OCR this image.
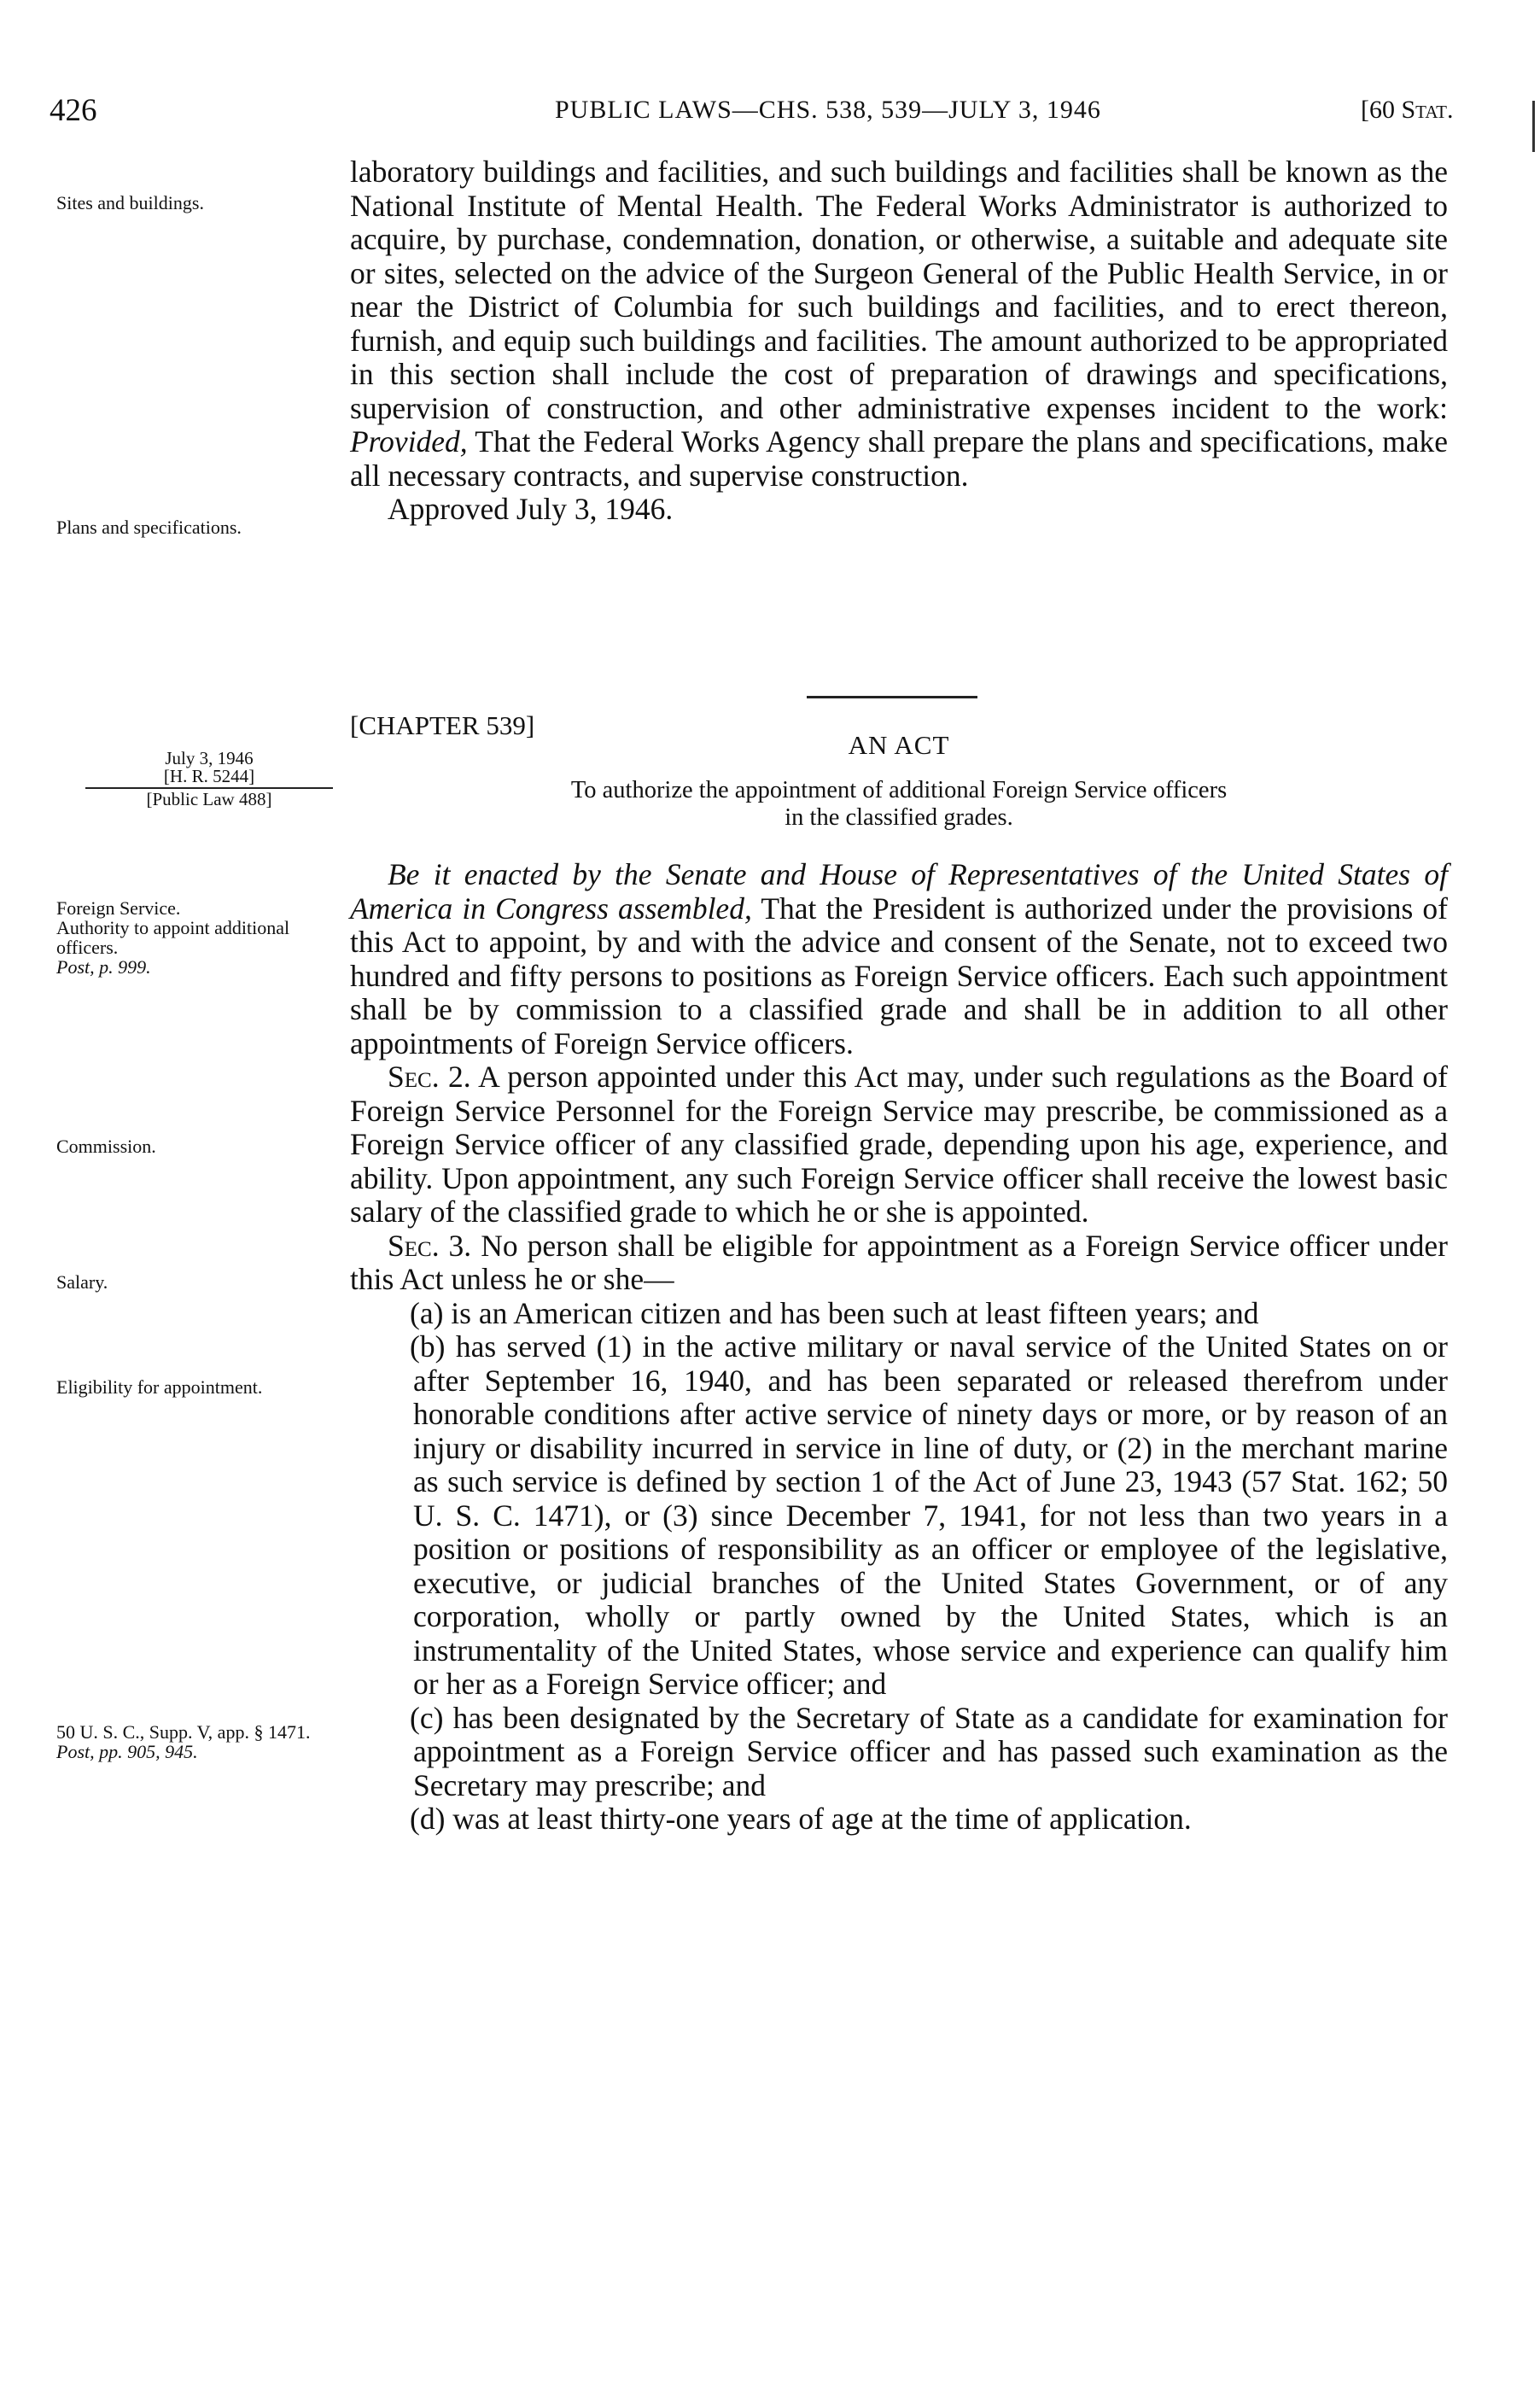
426	PUBLIC LAWS—CHS. 538, 539—JULY 3, 1946	[60 Stat.

laboratory buildings and facilities, and such buildings and facilities shall be known as the National Institute of Mental Health. The Federal Works Administrator is authorized to acquire, by purchase, condemnation, donation, or otherwise, a suitable and adequate site or sites, selected on the advice of the Surgeon General of the Public Health Service, in or near the District of Columbia for such buildings and facilities, and to erect thereon, furnish, and equip such buildings and facilities. The amount authorized to be appropriated in this section shall include the cost of preparation of drawings and specifications, supervision of construction, and other administrative expenses incident to the work: Provided, That the Federal Works Agency shall prepare the plans and specifications, make all necessary contracts, and supervise construction.

Approved July 3, 1946.

Sites and buildings.
Plans and specifications.
[CHAPTER 539]
AN ACT
To authorize the appointment of additional Foreign Service officers
in the classified grades.
July 3, 1946
[H. R. 5244]
[Public Law 488]

Be it enacted by the Senate and House of Representatives of the United States of America in Congress assembled, That the President is authorized under the provisions of this Act to appoint, by and with the advice and consent of the Senate, not to exceed two hundred and fifty persons to positions as Foreign Service officers. Each such appointment shall be by commission to a classified grade and shall be in addition to all other appointments of Foreign Service officers.

Sec. 2. A person appointed under this Act may, under such regulations as the Board of Foreign Service Personnel for the Foreign Service may prescribe, be commissioned as a Foreign Service officer of any classified grade, depending upon his age, experience, and ability. Upon appointment, any such Foreign Service officer shall receive the lowest basic salary of the classified grade to which he or she is appointed.

Sec. 3. No person shall be eligible for appointment as a Foreign Service officer under this Act unless he or she—

(a) is an American citizen and has been such at least fifteen years; and

(b) has served (1) in the active military or naval service of the United States on or after September 16, 1940, and has been separated or released therefrom under honorable conditions after active service of ninety days or more, or by reason of an injury or disability incurred in service in line of duty, or (2) in the merchant marine as such service is defined by section 1 of the Act of June 23, 1943 (57 Stat. 162; 50 U. S. C. 1471), or (3) since December 7, 1941, for not less than two years in a position or positions of responsibility as an officer or employee of the legislative, executive, or judicial branches of the United States Government, or of any corporation, wholly or partly owned by the United States, which is an instrumentality of the United States, whose service and experience can qualify him or her as a Foreign Service officer; and

(c) has been designated by the Secretary of State as a candidate for examination for appointment as a Foreign Service officer and has passed such examination as the Secretary may prescribe; and

(d) was at least thirty-one years of age at the time of application.

Foreign Service.
Authority to appoint additional officers.
Post, p. 999.
Commission.
Salary.
Eligibility for appointment.
50 U. S. C., Supp. V, app. § 1471.
Post, pp. 905, 945.
